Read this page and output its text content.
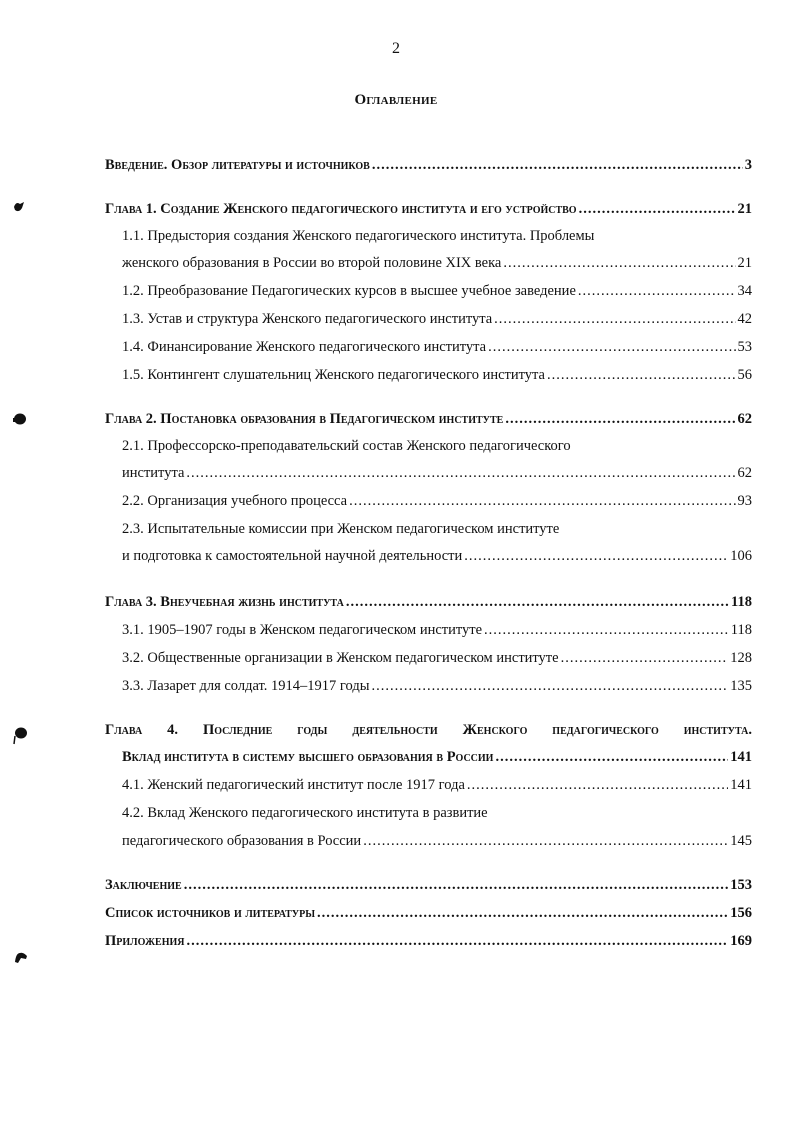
2
Оглавление
Введение. Обзор литературы и источников .....	3
Глава 1. Создание Женского педагогического института и его устройство .....	21
1.1. Предыстория создания Женского педагогического института. Проблемы
женского образования в России во второй половине XIX века .....	21
1.2. Преобразование Педагогических курсов в высшее учебное заведение .....	34
1.3. Устав и структура Женского педагогического института .....	42
1.4. Финансирование Женского педагогического института .....	53
1.5. Контингент слушательниц Женского педагогического института .....	56
Глава 2. Постановка образования в Педагогическом институте .....	62
2.1. Профессорско-преподавательский состав Женского педагогического
института .....	62
2.2. Организация учебного процесса .....	93
2.3. Испытательные комиссии при Женском педагогическом институте
и подготовка к самостоятельной научной деятельности .....	106
Глава 3. Внеучебная жизнь института .....	118
3.1. 1905–1907 годы в Женском педагогическом институте .....	118
3.2. Общественные организации в Женском педагогическом институте .....	128
3.3. Лазарет для солдат. 1914–1917 годы .....	135
Глава 4. Последние годы деятельности Женского педагогического института.
Вклад института в систему высшего образования в России .....	141
4.1. Женский педагогический институт после 1917 года .....	141
4.2. Вклад Женского педагогического института в развитие
педагогического образования в России .....	145
Заключение .....	153
Список источников и литературы .....	156
Приложения .....	169
